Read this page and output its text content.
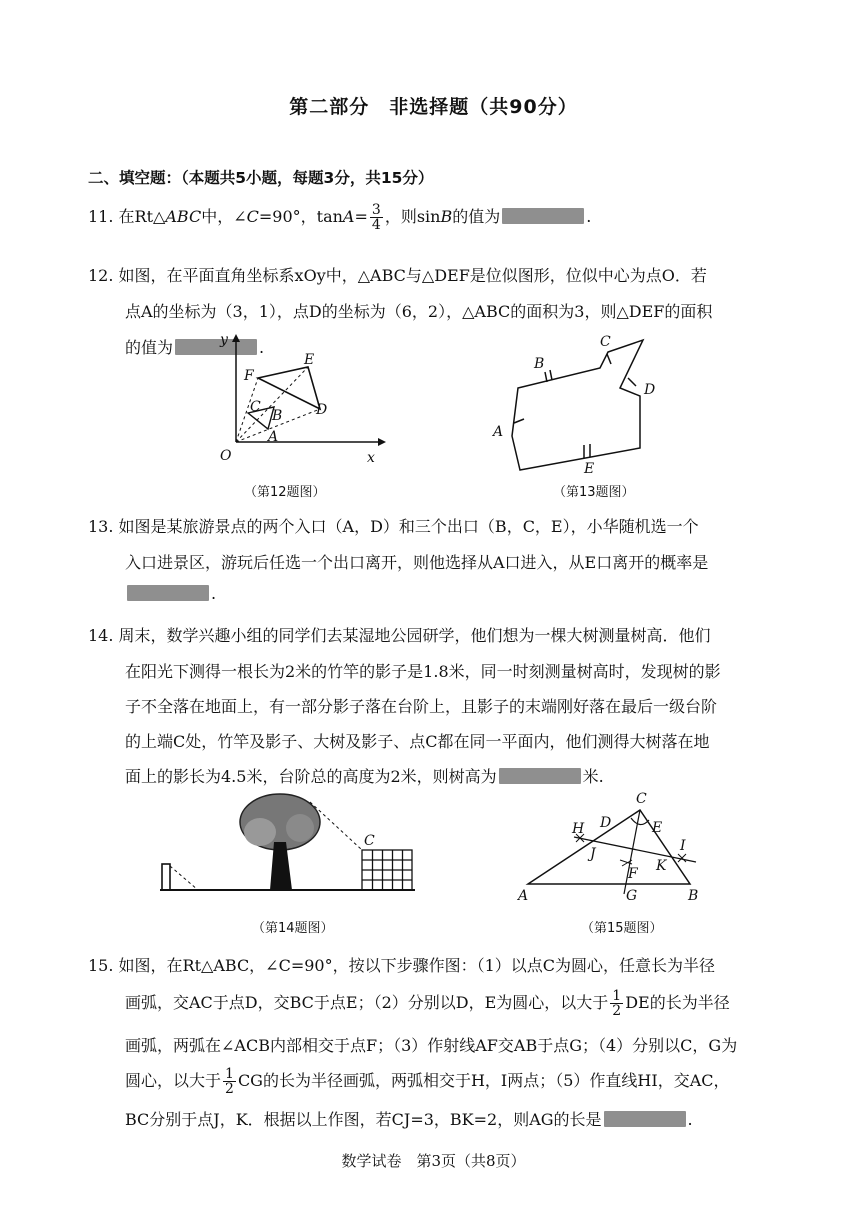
第二部分　非选择题（共90分）
二、填空题：（本题共5小题，每题3分，共15分）
11. 在Rt△ABC中，∠C=90°，$\tan A= \frac{3}{4}$ ，则sinB的值为	.
12. 如图，在平面直角坐标系xOy中，△ABC与△DEF是位似图形，位似中心为点O．若
点A的坐标为（3，1），点D的坐标为（6，2），△ABC的面积为3，则△DEF的面积
的值为	.
y
E
F
C
B D
A
O	x
（第12题图）
B
C
D
A
E
（第13题图）
13. 如图是某旅游景点的两个入口（A，D）和三个出口（B，C，E），小华随机选一个
入口进景区，游玩后任选一个出口离开，则他选择从A口进入，从E口离开的概率是
.
14. 周末，数学兴趣小组的同学们去某湿地公园研学，他们想为一棵大树测量树高．他们
在阳光下测得一根长为2米的竹竿的影子是1.8米，同一时刻测量树高时，发现树的影
子不全落在地面上，有一部分影子落在台阶上，且影子的末端刚好落在最后一级台阶
的上端C处，竹竿及影子、大树及影子、点C都在同一平面内，他们测得大树落在地
面上的影长为4.5米，台阶总的高度为2米，则树高为	米.
C
（第14题图）
C
H D	E
I
J
K
F
A	G	B
（第15题图）
15. 如图，在Rt△ABC，∠C=90°，按以下步骤作图：（1）以点C为圆心，任意长为半径
画弧，交AC于点D，交BC于点E；（2）分别以D，E为圆心，以大于 $\frac{1}{2}$ DE的长为半径
画弧，两弧在∠ACB内部相交于点F；（3）作射线AF交AB于点G；（4）分别以C，G为
圆心，以大于 $\frac{1}{2}$ CG的长为半径画弧，两弧相交于H，I两点；（5）作直线HI，交AC，
BC分别于点J，K．根据以上作图，若CJ=3，BK=2，则AG的长是	.
数学试卷　第3页（共8页）
